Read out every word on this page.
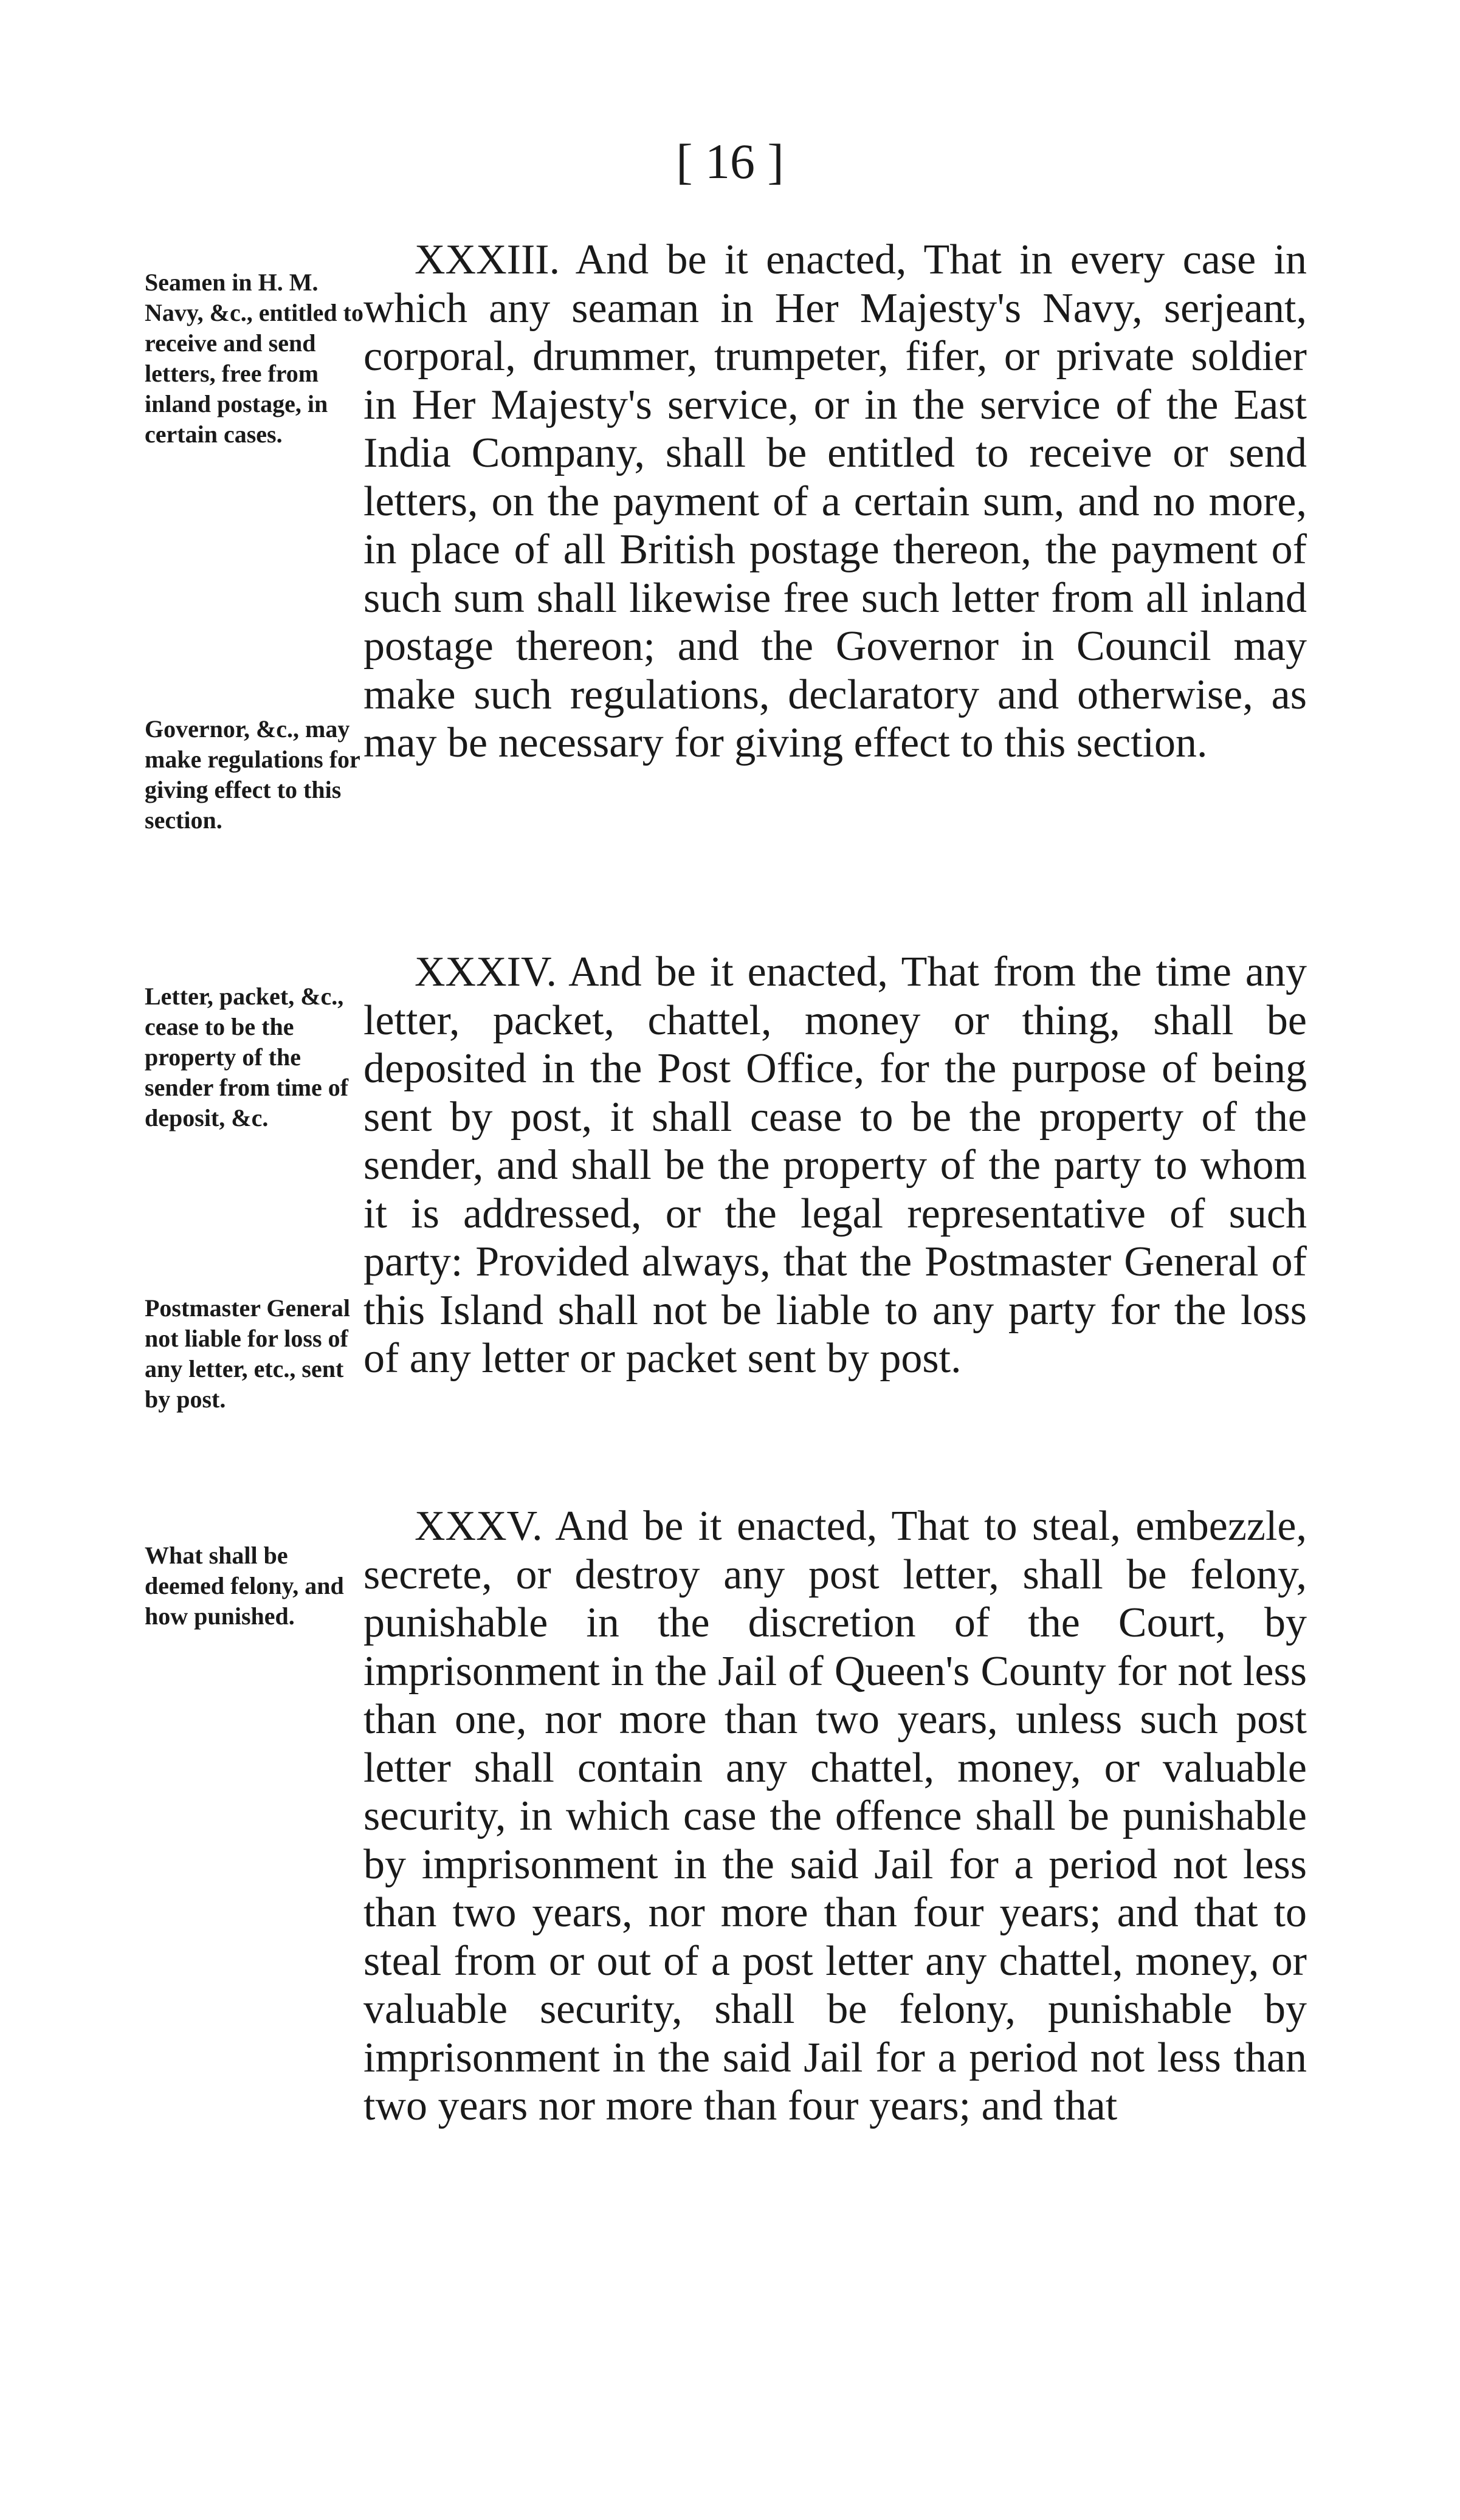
[ 16 ]
Seamen in H. M. Navy, &c., entitled to receive and send letters, free from inland postage, in certain cases.
Governor, &c., may make regulations for giving effect to this section.

XXXIII. And be it enacted, That in every case in which any seaman in Her Majesty's Navy, serjeant, corporal, drummer, trumpeter, fifer, or private soldier in Her Majesty's service, or in the service of the East India Company, shall be entitled to receive or send letters, on the payment of a certain sum, and no more, in place of all British postage thereon, the payment of such sum shall likewise free such letter from all inland postage thereon; and the Governor in Council may make such regulations, declaratory and otherwise, as may be necessary for giving effect to this section.

Letter, packet, &c., cease to be the property of the sender from time of deposit, &c.
Postmaster General not liable for loss of any letter, etc., sent by post.

XXXIV. And be it enacted, That from the time any letter, packet, chattel, money or thing, shall be deposited in the Post Office, for the purpose of being sent by post, it shall cease to be the property of the sender, and shall be the property of the party to whom it is addressed, or the legal representative of such party: Provided always, that the Postmaster General of this Island shall not be liable to any party for the loss of any letter or packet sent by post.

What shall be deemed felony, and how punished.

XXXV. And be it enacted, That to steal, embezzle, secrete, or destroy any post letter, shall be felony, punishable in the discretion of the Court, by imprisonment in the Jail of Queen's County for not less than one, nor more than two years, unless such post letter shall contain any chattel, money, or valuable security, in which case the offence shall be punishable by imprisonment in the said Jail for a period not less than two years, nor more than four years; and that to steal from or out of a post letter any chattel, money, or valuable security, shall be felony, punishable by imprisonment in the said Jail for a period not less than two years nor more than four years; and that
